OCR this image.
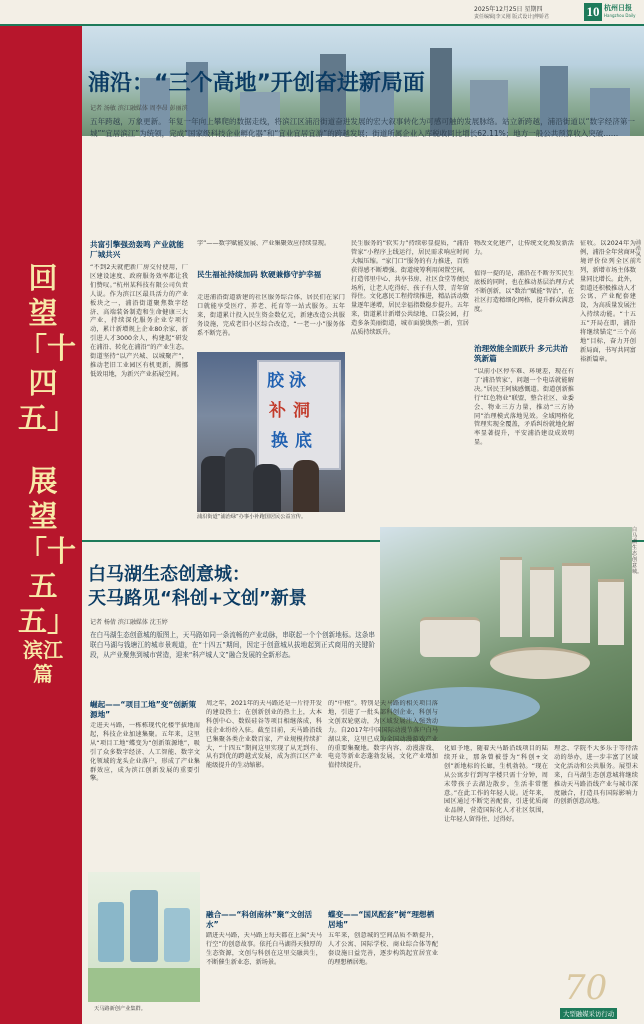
2025年12月25日 星期四
责任编辑|李义刚 版式设计|傅娇君	10 杭州日报
Hangzhou Daily
回望「十四五」
展望「十五五」
滨江篇
浦沿：“三个高地”开创奋进新局面
记者 汤敏 滨江融媒体 周李昂 彭丽滨
五年跨越，万象更新。 年复一年向上攀爬的数据走线，将滨江区浦沿街道奋进发展的宏大叙事转化为可感可触的发展脉络。站立新跨越，浦沿街道以“数字经济第一城”“宜居滨江”为统领，完成“国家级科技企业孵化器”和“宜业宜居宜游”的跨越发展；街道所属企业入库税收同比增长62.11%；地方一般公共预算收入突破……
共富引擎强劲轰鸣 产业就能厂城共兴
“不到2天就把新厂房交付使用，厂区建设速度、政府服务效率都让我们赞叹。”杭州某科技有限公司负责人说。作为滨江区最具活力的产业板块之一，浦沿街道聚焦数字经济、高端装备制造和生命健康三大产业，持续深化服务企业专项行动，累计新增规上企业80余家，新引进人才3000余人，构建起“研发在浦沿、转化在浦沿”的产业生态。街道坚持“以产兴城、以城聚产”，推动老旧工业园区有机更新，腾挪低效用地，为新兴产业拓展空间。
字”——数字赋能发展、产业集聚效应持续显现。
民生福祉持续加码 软硬兼修守护幸福
走进浦沿街道新建的社区服务综合体，居民们在家门口就能享受医疗、养老、托育等一站式服务。五年来，街道累计投入民生资金数亿元，新建改造公共服务设施，完成老旧小区综合改造，“一老一小”服务体系不断完善。
胶 泳
补 洞
换 底
浦沿街道“浦治绿”办事小补跑国居民公益宣传。
民生服务的“软实力”持续彰显提质，“浦沿管家”小程序上线运行，居民需求响应时间大幅压缩。“家门口”服务的有力推进，百姓获得感不断增强。街道统筹利用闲置空间，打造邻里中心、共享书房、社区食堂等便民场所，让老人吃得好、孩子有人带、青年留得住。文化惠民工程持续推进，精品活动数量逐年递增，居民幸福指数稳步提升。五年来，街道累计新增公共绿地、口袋公园，打造多条美丽街道，城市面貌焕然一新，宜居品质持续跃升。
物改文化建产，让传统文化焕发新活力。
值得一提的是，浦沿在不断夯实民生底板的同时，也在推动基层治理方式不断创新，以“数治”赋能“智治”，在社区打造精细化网格，提升群众满意度。
治理效能全面跃升 多元共治筑新篇
“以前小区停车难、环境差，现在有了‘浦沿管家’，问题一个电话就能解决。”居民王阿姨感慨道。街道创新推行“红色物业”联盟，整合社区、业委会、物业三方力量，推动“三方协同”治理模式落地见效。全域网格化管理实现全覆盖，矛盾纠纷就地化解率显著提升，平安浦沿建设成效明显。
征收。以2024年为例，浦沿全年营商环境评价位列全区前列，新增市场主体数量同比增长。此外，街道还积极推动人才公寓、产业配套建设，为高质量发展注入持续动能。“十五五”开局在即，浦沿将继续锚定“三个高地”目标，奋力开创新局面，书写共同富裕新篇章。
浦沿风光
白马湖生态创意城：
天马路见“科创+文创”新景
白马湖生态创意城。
记者 杨倩 滨江融媒体 沈玉婷
在白马湖生态创意城的版图上，天马路如同一条流畅的产业动脉，串联起一个个创新地标。这条串联白马湖与钱塘江的城市景观道，在“十四五”期间，因定于创意城从拔地起到正式商用的关键阶段，从产业聚焦到城市营造，迎来“科产城人文”融合发展的全新形态。
崛起——“项目工地”变“创新策源地”
走进天马路，一栋栋现代化楼宇拔地而起，科技企业加速集聚。五年来，这里从“项目工地”蝶变为“创新策源地”，吸引了众多数字经济、人工智能、数字文化领域的龙头企业落户，形成了产业集群效应，成为滨江创新发展的重要引擎。
天马路新创产业集群。
周之年，2021年的天马路还是一片待开发的建设热土；在创新创业的热土上，大本科创中心、数娱硅谷等项目相继落成，科技企业纷纷入驻。截至目前，天马路沿线已集聚各类企业数百家，产业规模持续扩大，“十四五”期间这里实现了从无到有、从有到优的跨越式发展，成为滨江区产业能级提升的生动缩影。
融合——“科创南林”聚“文创活水”
踏进天马路，天马路上每天都在上演“天马行空”的创意故事。依托白马湖得天独厚的生态资源，文创与科创在这里交融共生，不断催生新业态、新场景。
的“中枢”。特别是天马路的相关项目落地，引进了一批头部科创企业，科创与文创双轮驱动，为区域发展注入强劲动力。自2017年中国国际动漫节落户白马湖以来，这里已成为全国动漫游戏产业的重要集聚地。数字内容、动漫游戏、电竞等新业态蓬勃发展，文化产业增加值持续提升。
蝶变——“国风配套”树“理想栖居地”
五年来，创意城的空间品质不断提升，人才公寓、国际学校、商业综合体等配套设施日益完善，逐步构筑起宜居宜业的理想栖居地。
化如予地，随着天马路沿线项目的陆续开业，那条曾被誉为“科创+文创”新地标的长廊，生机勃勃。“现在从公寓步行到写字楼只需十分钟，周末带孩子去湖边散步，生活非常惬意。”在此工作的年轻人说。近年来，园区通过不断完善配套，引进优质商业品牌，营造国际化人才社区氛围，让年轻人留得住、过得好。
理念、学院不大多乐于等待活动的举办，进一步丰富了区域文化活动和公共服务。展望未来，白马湖生态创意城将继续推动天马路沿线产业与城市深度融合，打造具有国际影响力的创新创意高地。
70
大型融媒采访行动
